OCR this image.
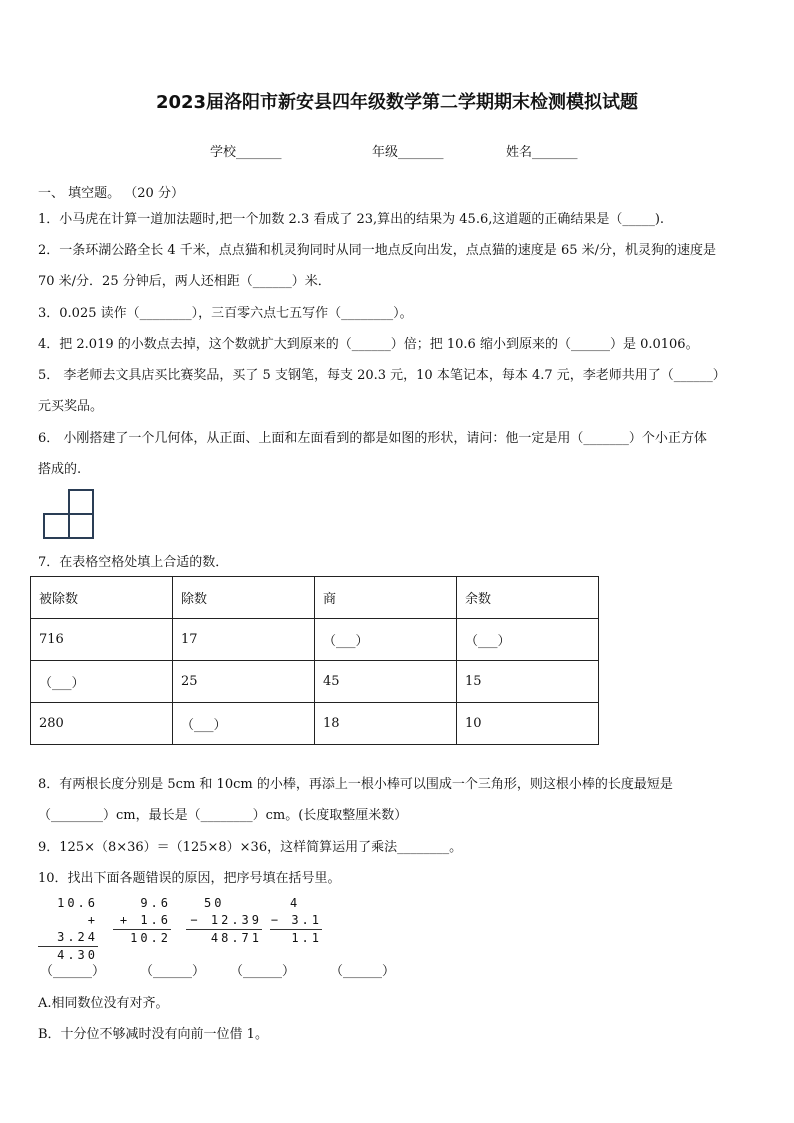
2023届洛阳市新安县四年级数学第二学期期末检测模拟试题
学校_______	年级_______	姓名_______
一、 填空题。 （20 分）
1．小马虎在计算一道加法题时,把一个加数 2.3 看成了 23,算出的结果为 45.6,这道题的正确结果是（_____).
2．一条环湖公路全长 4 千米，点点猫和机灵狗同时从同一地点反向出发，点点猫的速度是 65 米/分，机灵狗的速度是
70 米/分．25 分钟后，两人还相距（______）米．
3．0.025 读作（________），三百零六点七五写作（________）。
4．把 2.019 的小数点去掉，这个数就扩大到原来的（______）倍；把 10.6 缩小到原来的（______）是 0.0106。
5． 李老师去文具店买比赛奖品，买了 5 支钢笔，每支 20.3 元，10 本笔记本，每本 4.7 元，李老师共用了（______）
元买奖品。
6． 小刚搭建了一个几何体，从正面、上面和左面看到的都是如图的形状，请问：他一定是用（_______）个小正方体
搭成的.
7．在表格空格处填上合适的数．
被除数	除数	商	余数
716	17	（___）	（___）
（___）	25	45	15
280	（___）	18	10
8．有两根长度分别是 5cm 和 10cm 的小棒，再添上一根小棒可以围成一个三角形，则这根小棒的长度最短是
（________）cm，最长是（________）cm。(长度取整厘米数）
9．125×（8×36）＝（125×8）×36，这样简算运用了乘法________。
10．找出下面各题错误的原因，把序号填在括号里。
10.6
+ 3.24
4.30
9.6
+ 1.6
10.2
50
− 12.39
48.71
4
− 3.1
1.1
（______）	（______） （______）	（______）
A.相同数位没有对齐。
B．十分位不够减时没有向前一位借 1。
